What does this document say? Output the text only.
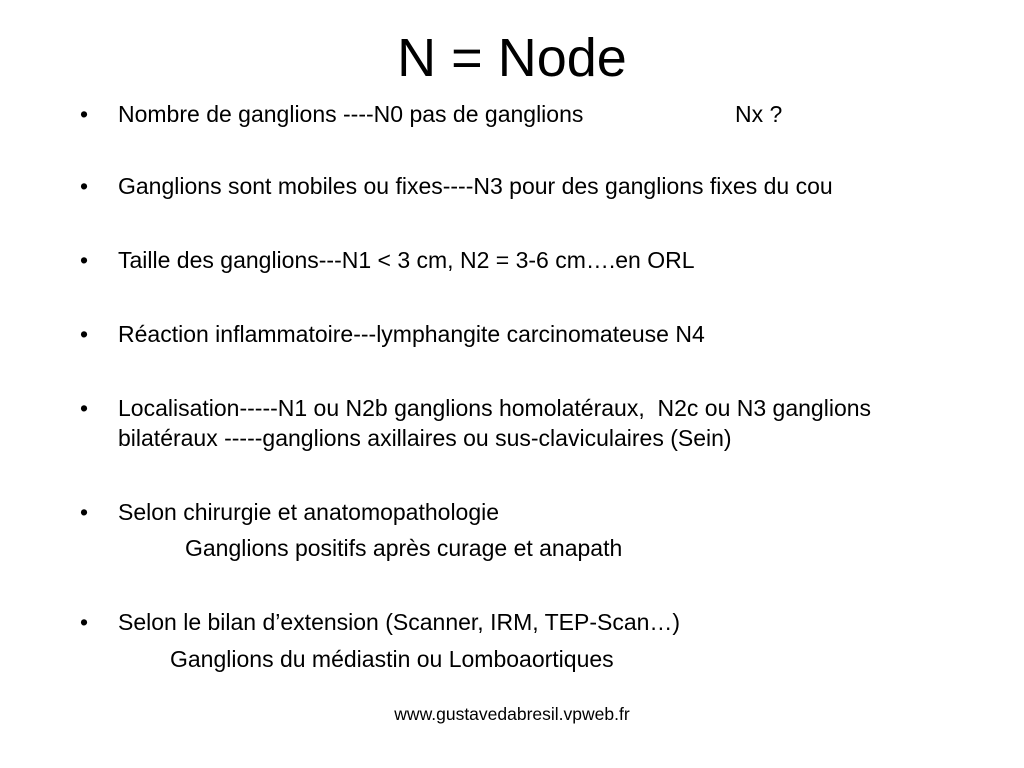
N = Node
• Nombre de ganglions ----N0 pas de ganglions	Nx ?
• Ganglions sont mobiles ou fixes----N3 pour des ganglions fixes du cou
• Taille des ganglions---N1 < 3 cm, N2 = 3-6 cm….en ORL
• Réaction inflammatoire---lymphangite carcinomateuse N4
• Localisation-----N1 ou N2b ganglions homolatéraux,  N2c ou N3 ganglions
bilatéraux -----ganglions axillaires ou sus-claviculaires (Sein)
• Selon chirurgie et anatomopathologie
Ganglions positifs après curage et anapath
• Selon le bilan d’extension (Scanner, IRM, TEP-Scan…)
Ganglions du médiastin ou Lomboaortiques
www.gustavedabresil.vpweb.fr
